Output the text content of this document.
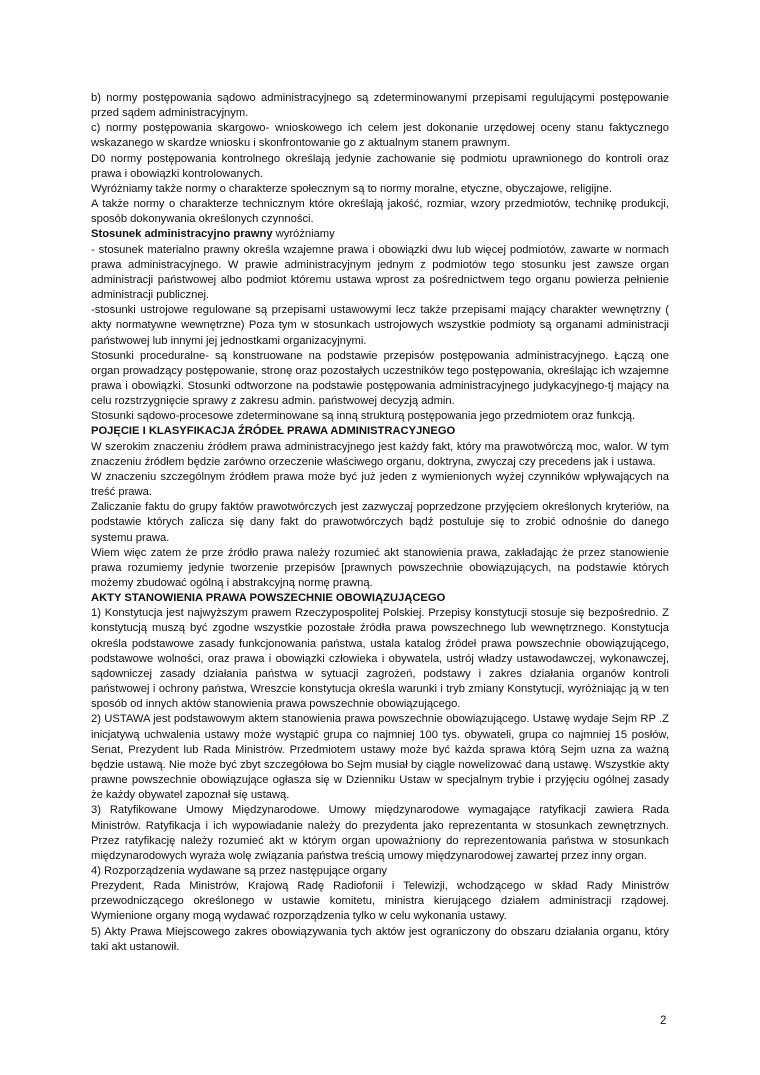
b) normy postępowania sądowo administracyjnego są zdeterminowanymi przepisami regulującymi postępowanie przed sądem administracyjnym.

c) normy postępowania skargowo- wnioskowego ich celem jest dokonanie urzędowej oceny stanu faktycznego wskazanego w skardze wniosku i skonfrontowanie go z aktualnym stanem prawnym.

D0 normy postępowania kontrolnego określają jedynie zachowanie się podmiotu uprawnionego do kontroli oraz prawa i obowiązki kontrolowanych.

Wyróżniamy także normy o charakterze społecznym są to normy moralne, etyczne, obyczajowe, religijne.

A także normy o charakterze technicznym które określają jakość, rozmiar, wzory przedmiotów, technikę produkcji, sposób dokonywania określonych czynności.

Stosunek administracyjno prawny wyróżniamy

- stosunek materialno prawny określa wzajemne prawa i obowiązki dwu lub więcej podmiotów, zawarte w normach prawa administracyjnego. W prawie administracyjnym jednym z podmiotów tego stosunku jest zawsze organ administracji państwowej albo podmiot któremu ustawa wprost za pośrednictwem tego organu powierza pełnienie administracji publicznej.

-stosunki ustrojowe regulowane są przepisami ustawowymi lecz także przepisami mający charakter wewnętrzny ( akty normatywne wewnętrzne) Poza tym w stosunkach ustrojowych wszystkie podmioty są organami administracji państwowej lub innymi jej jednostkami organizacyjnymi.

Stosunki proceduralne- są konstruowane na podstawie przepisów postępowania administracyjnego. Łączą one organ prowadzący postępowanie, stronę oraz pozostałych uczestników tego postępowania, określając ich wzajemne prawa i obowiązki. Stosunki odtworzone na podstawie postępowania administracyjnego judykacyjnego-tj mający na celu rozstrzygnięcie sprawy z zakresu admin. państwowej decyzją admin.

Stosunki sądowo-procesowe zdeterminowane są inną strukturą postępowania jego przedmiotem oraz funkcją.

POJĘCIE I KLASYFIKACJA ŹRÓDEŁ PRAWA ADMINISTRACYJNEGO

W szerokim znaczeniu źródłem prawa administracyjnego jest każdy fakt, który ma prawotwórczą moc, walor. W tym znaczeniu źródłem będzie zarówno orzeczenie właściwego organu, doktryna, zwyczaj czy precedens jak i ustawa.

W znaczeniu szczególnym źródłem prawa może być już jeden z wymienionych wyżej czynników wpływających na treść prawa.

Zaliczanie faktu do grupy faktów prawotwórczych jest zazwyczaj poprzedzone przyjęciem określonych kryteriów, na podstawie których zalicza się dany fakt do prawotwórczych bądź postuluje się to zrobić odnośnie do danego systemu prawa.

Wiem więc zatem że prze źródło prawa należy rozumieć akt stanowienia prawa, zakładając że przez stanowienie prawa rozumiemy jedynie tworzenie przepisów [prawnych powszechnie obowiązujących, na podstawie których możemy zbudować ogólną i abstrakcyjną normę prawną.

AKTY STANOWIENIA PRAWA POWSZECHNIE OBOWIĄZUJĄCEGO

1) Konstytucja jest najwyższym prawem Rzeczypospolitej Polskiej. Przepisy konstytucji stosuje się bezpośrednio. Z konstytucją muszą być zgodne wszystkie pozostałe źródła prawa powszechnego lub wewnętrznego. Konstytucja określa podstawowe zasady funkcjonowania państwa, ustala katalog źródeł prawa powszechnie obowiązującego, podstawowe wolności, oraz prawa i obowiązki człowieka i obywatela, ustrój władzy ustawodawczej, wykonawczej, sądowniczej zasady działania państwa w sytuacji zagrożeń, podstawy i zakres działania organów kontroli państwowej i ochrony państwa, Wreszcie konstytucja określa warunki i tryb zmiany Konstytucji, wyróżniając ją w ten sposób od innych aktów stanowienia prawa powszechnie obowiązującego.

2) USTAWA jest podstawowym aktem stanowienia prawa powszechnie obowiązującego. Ustawę wydaje Sejm RP .Z inicjatywą uchwalenia ustawy może wystąpić grupa co najmniej 100 tys. obywateli, grupa co najmniej 15 posłów, Senat, Prezydent lub Rada Ministrów. Przedmiotem ustawy może być każda sprawa którą Sejm uzna za ważną będzie ustawą. Nie może być zbyt szczegółowa bo Sejm musiał by ciągle nowelizować daną ustawę. Wszystkie akty prawne powszechnie obowiązujące ogłasza się w Dzienniku Ustaw w specjalnym trybie i przyjęciu ogólnej zasady że każdy obywatel zapoznał się ustawą.

3) Ratyfikowane Umowy Międzynarodowe. Umowy międzynarodowe wymagające ratyfikacji zawiera Rada Ministrów. Ratyfikacja i ich wypowiadanie należy do prezydenta jako reprezentanta w stosunkach zewnętrznych. Przez ratyfikację należy rozumieć akt w którym organ upoważniony do reprezentowania państwa w stosunkach międzynarodowych wyraża wolę związania państwa treścią umowy międzynarodowej zawartej przez inny organ.

4) Rozporządzenia wydawane są przez następujące organy

Prezydent, Rada Ministrów, Krajową Radę Radiofonii i Telewizji, wchodzącego w skład Rady Ministrów przewodniczącego określonego w ustawie komitetu, ministra kierującego działem administracji rządowej. Wymienione organy mogą wydawać rozporządzenia tylko w celu wykonania ustawy.

5) Akty Prawa Miejscowego zakres obowiązywania tych aktów jest ograniczony do obszaru działania organu, który taki akt ustanowił.

2
